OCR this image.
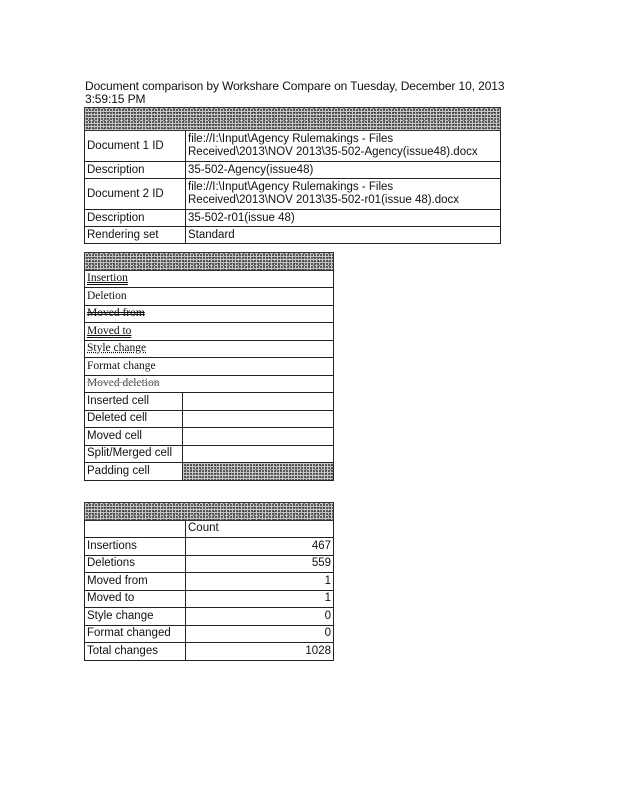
Document comparison by Workshare Compare on Tuesday, December 10, 2013 3:59:15 PM

Document 1 ID	file://I:\Input\Agency Rulemakings - Files Received\2013\NOV 2013\35-502-Agency(issue48).docx
Description	35-502-Agency(issue48)
Document 2 ID	file://I:\Input\Agency Rulemakings - Files Received\2013\NOV 2013\35-502-r01(issue 48).docx
Description	35-502-r01(issue 48)
Rendering set	Standard

Insertion	
Deletion	
Moved from	
Moved to	
Style change	
Format change	
Moved deletion	
Inserted cell	
Deleted cell	
Moved cell	
Split/Merged cell	
Padding cell	

	Count
Insertions	467
Deletions	559
Moved from	1
Moved to	1
Style change	0
Format changed	0
Total changes	1028
